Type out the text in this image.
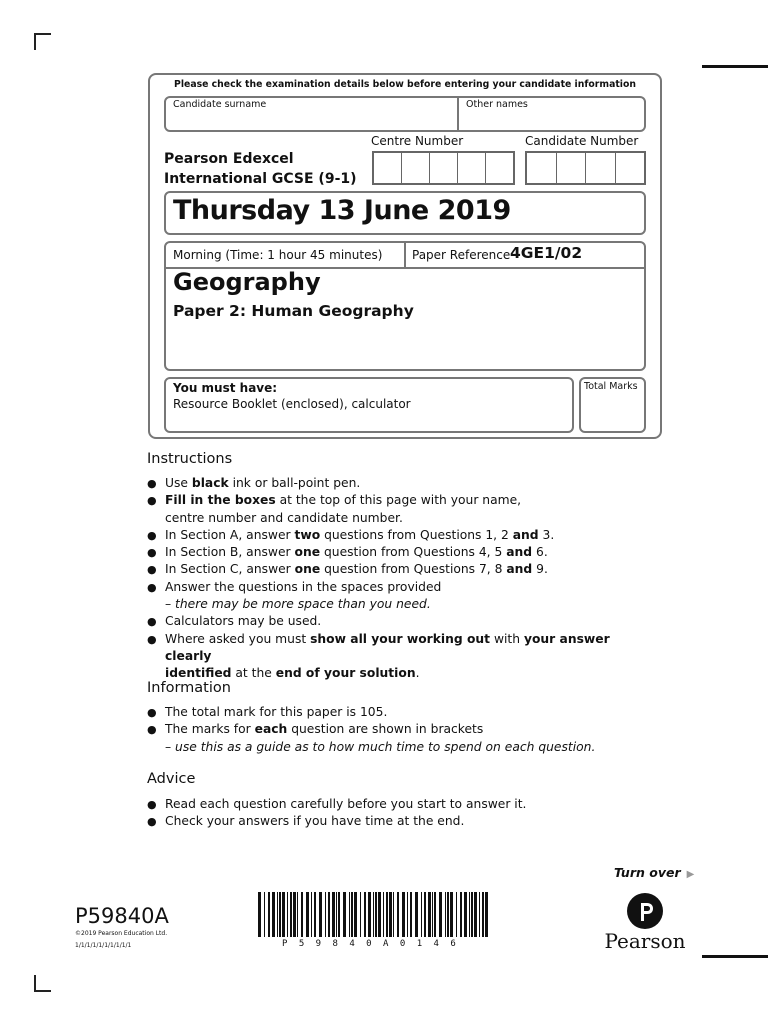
Please check the examination details below before entering your candidate information
Candidate surname	Other names
Centre Number	Candidate Number
Pearson Edexcel
International GCSE (9-1)
Thursday 13 June 2019
Morning (Time: 1 hour 45 minutes) Paper Reference 4GE1/02
Geography
Paper 2: Human Geography
You must have:
Resource Booklet (enclosed), calculator
Total Marks
Instructions
● Use black ink or ball-point pen.
● Fill in the boxes at the top of this page with your name,
centre number and candidate number.
● In Section A, answer two questions from Questions 1, 2 and 3.
● In Section B, answer one question from Questions 4, 5 and 6.
● In Section C, answer one question from Questions 7, 8 and 9.
● Answer the questions in the spaces provided
– there may be more space than you need.
● Calculators may be used.
● Where asked you must show all your working out with your answer clearly
identified at the end of your solution.
Information
● The total mark for this paper is 105.
● The marks for each question are shown in brackets
– use this as a guide as to how much time to spend on each question.
Advice
● Read each question carefully before you start to answer it.
● Check your answers if you have time at the end.
Turn over ▶
P59840A
©2019 Pearson Education Ltd.
1/1/1/1/1/1/1/1/1/1	P 5 9 8 4 0 A 0 1 4 6	Pearson
